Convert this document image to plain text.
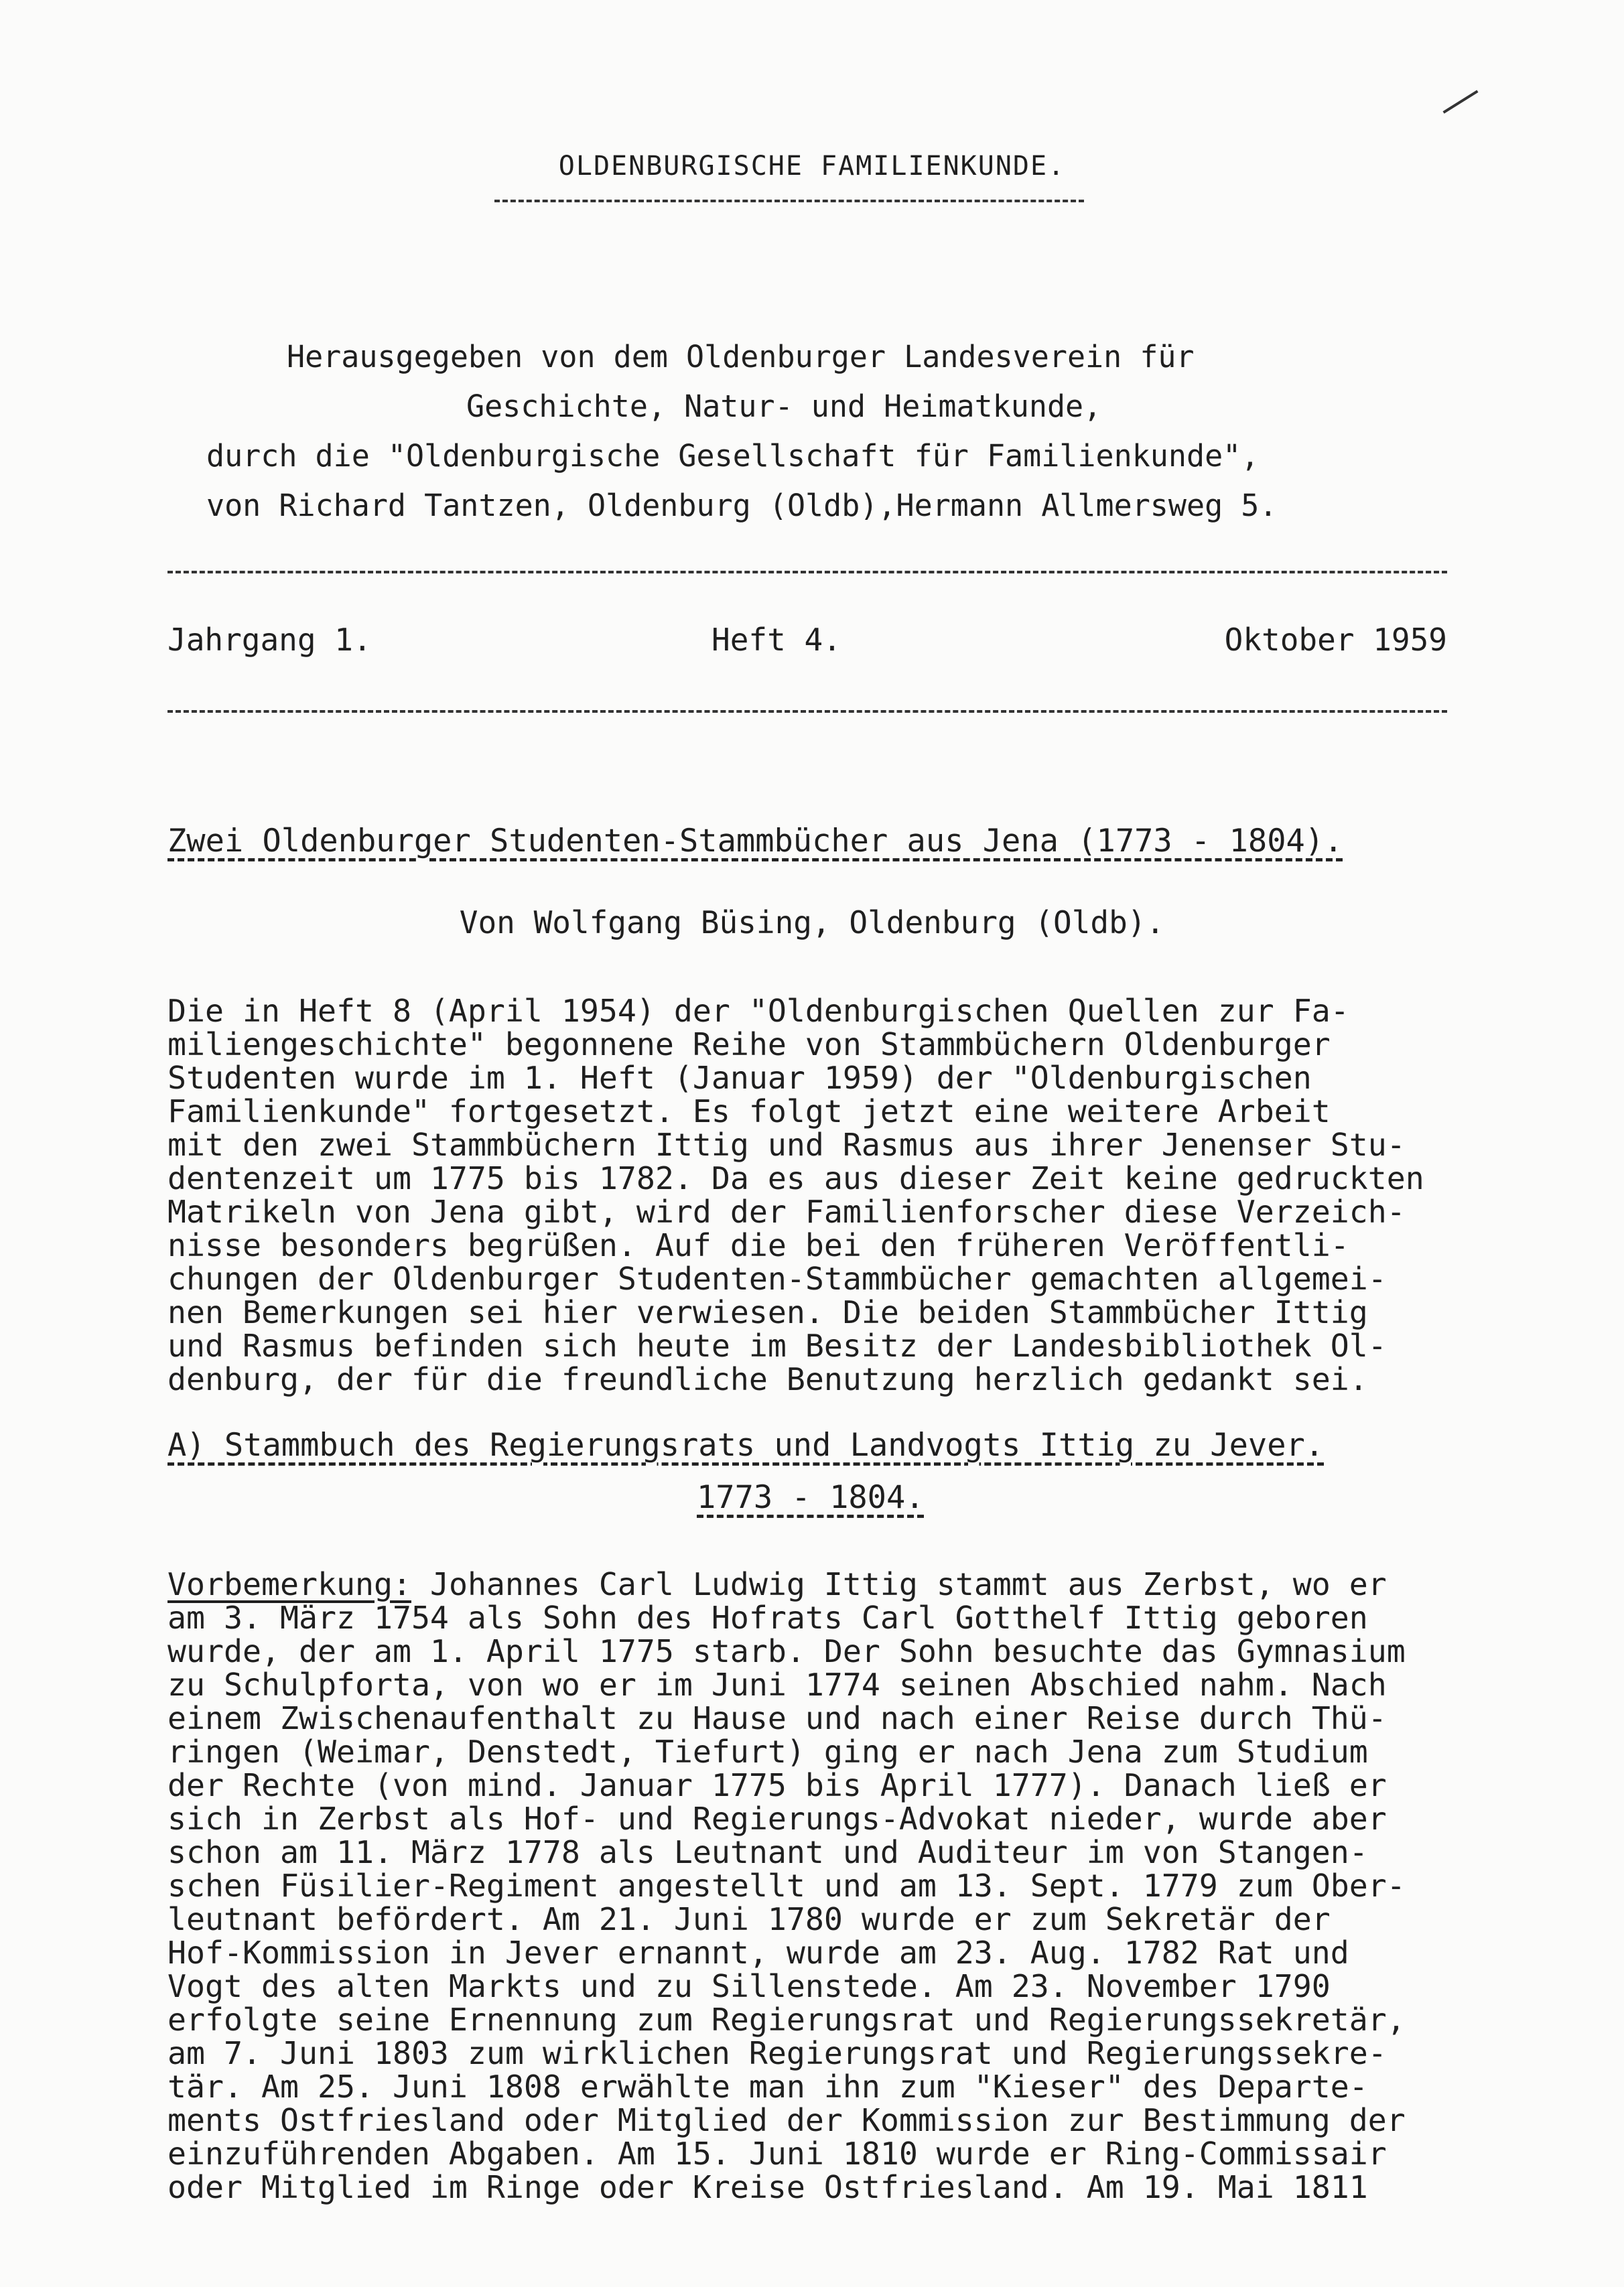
OLDENBURGISCHE FAMILIENKUNDE.
Herausgegeben von dem Oldenburger Landesverein für
Geschichte, Natur- und Heimatkunde,
durch die "Oldenburgische Gesellschaft für Familienkunde",
von Richard Tantzen, Oldenburg (Oldb),Hermann Allmersweg 5.
Jahrgang 1.	Heft 4.	Oktober 1959
Zwei Oldenburger Studenten-Stammbücher aus Jena (1773 - 1804).
Von Wolfgang Büsing, Oldenburg (Oldb).
Die in Heft 8 (April 1954) der "Oldenburgischen Quellen zur Fa-
miliengeschichte" begonnene Reihe von Stammbüchern Oldenburger
Studenten wurde im 1. Heft (Januar 1959) der "Oldenburgischen
Familienkunde" fortgesetzt. Es folgt jetzt eine weitere Arbeit
mit den zwei Stammbüchern Ittig und Rasmus aus ihrer Jenenser Stu-
dentenzeit um 1775 bis 1782. Da es aus dieser Zeit keine gedruckten
Matrikeln von Jena gibt, wird der Familienforscher diese Verzeich-
nisse besonders begrüßen. Auf die bei den früheren Veröffentli-
chungen der Oldenburger Studenten-Stammbücher gemachten allgemei-
nen Bemerkungen sei hier verwiesen. Die beiden Stammbücher Ittig
und Rasmus befinden sich heute im Besitz der Landesbibliothek Ol-
denburg, der für die freundliche Benutzung herzlich gedankt sei.
A) Stammbuch des Regierungsrats und Landvogts Ittig zu Jever.
1773 - 1804.
Vorbemerkung: Johannes Carl Ludwig Ittig stammt aus Zerbst, wo er
am 3. März 1754 als Sohn des Hofrats Carl Gotthelf Ittig geboren
wurde, der am 1. April 1775 starb. Der Sohn besuchte das Gymnasium
zu Schulpforta, von wo er im Juni 1774 seinen Abschied nahm. Nach
einem Zwischenaufenthalt zu Hause und nach einer Reise durch Thü-
ringen (Weimar, Denstedt, Tiefurt) ging er nach Jena zum Studium
der Rechte (von mind. Januar 1775 bis April 1777). Danach ließ er
sich in Zerbst als Hof- und Regierungs-Advokat nieder, wurde aber
schon am 11. März 1778 als Leutnant und Auditeur im von Stangen-
schen Füsilier-Regiment angestellt und am 13. Sept. 1779 zum Ober-
leutnant befördert. Am 21. Juni 1780 wurde er zum Sekretär der
Hof-Kommission in Jever ernannt, wurde am 23. Aug. 1782 Rat und
Vogt des alten Markts und zu Sillenstede. Am 23. November 1790
erfolgte seine Ernennung zum Regierungsrat und Regierungssekretär,
am 7. Juni 1803 zum wirklichen Regierungsrat und Regierungssekre-
tär. Am 25. Juni 1808 erwählte man ihn zum "Kieser" des Departe-
ments Ostfriesland oder Mitglied der Kommission zur Bestimmung der
einzuführenden Abgaben. Am 15. Juni 1810 wurde er Ring-Commissair
oder Mitglied im Ringe oder Kreise Ostfriesland. Am 19. Mai 1811
